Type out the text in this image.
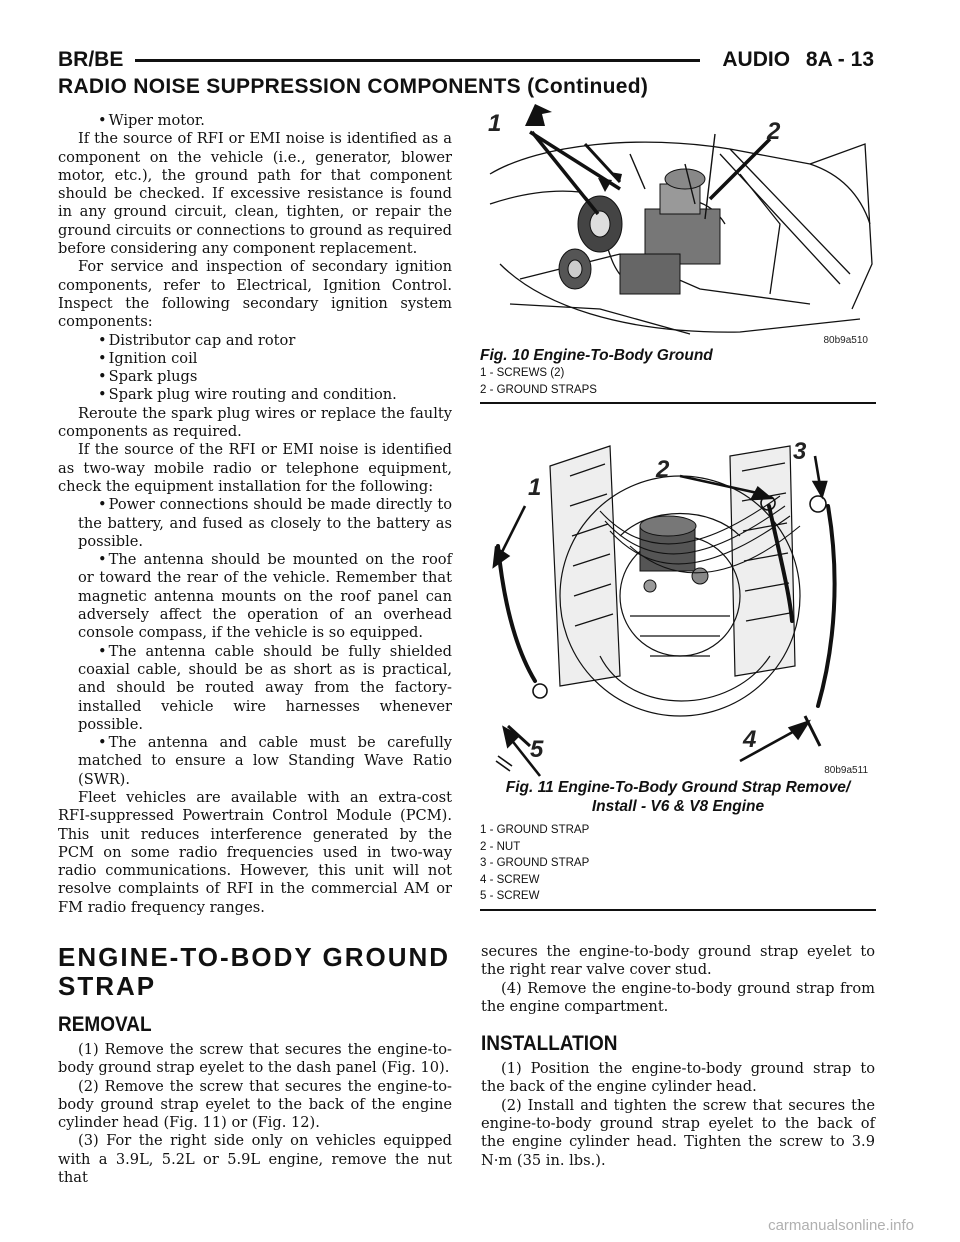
BR/BE	AUDIO 8A - 13
RADIO NOISE SUPPRESSION COMPONENTS (Continued)

• Wiper motor.

If the source of RFI or EMI noise is identified as a component on the vehicle (i.e., generator, blower motor, etc.), the ground path for that component should be checked. If excessive resistance is found in any ground circuit, clean, tighten, or repair the ground circuits or connections to ground as required before considering any component replacement.

For service and inspection of secondary ignition components, refer to Electrical, Ignition Control. Inspect the following secondary ignition system components:

• Distributor cap and rotor

• Ignition coil

• Spark plugs

• Spark plug wire routing and condition.

Reroute the spark plug wires or replace the faulty components as required.

If the source of the RFI or EMI noise is identified as two-way mobile radio or telephone equipment, check the equipment installation for the following:

• Power connections should be made directly to the battery, and fused as closely to the battery as possible.

• The antenna should be mounted on the roof or toward the rear of the vehicle. Remember that magnetic antenna mounts on the roof panel can adversely affect the operation of an overhead console compass, if the vehicle is so equipped.

• The antenna cable should be fully shielded coaxial cable, should be as short as is practical, and should be routed away from the factory-installed vehicle wire harnesses whenever possible.

• The antenna and cable must be carefully matched to ensure a low Standing Wave Ratio (SWR).

Fleet vehicles are available with an extra-cost RFI-suppressed Powertrain Control Module (PCM). This unit reduces interference generated by the PCM on some radio frequencies used in two-way radio communications. However, this unit will not resolve complaints of RFI in the commercial AM or FM radio frequency ranges.

1	2
80b9a510
Fig. 10 Engine-To-Body Ground
1 - SCREWS (2)
2 - GROUND STRAPS
1
2
3
4
5
80b9a511
Fig. 11 Engine-To-Body Ground Strap Remove/
Install - V6 & V8 Engine
1 - GROUND STRAP
2 - NUT
3 - GROUND STRAP
4 - SCREW
5 - SCREW
ENGINE-TO-BODY GROUND
STRAP
REMOVAL

(1) Remove the screw that secures the engine-to-body ground strap eyelet to the dash panel (Fig. 10).

(2) Remove the screw that secures the engine-to-body ground strap eyelet to the back of the engine cylinder head (Fig. 11) or (Fig. 12).

(3) For the right side only on vehicles equipped with a 3.9L, 5.2L or 5.9L engine, remove the nut that

secures the engine-to-body ground strap eyelet to the right rear valve cover stud.

(4) Remove the engine-to-body ground strap from the engine compartment.

INSTALLATION

(1) Position the engine-to-body ground strap to the back of the engine cylinder head.

(2) Install and tighten the screw that secures the engine-to-body ground strap eyelet to the back of the engine cylinder head. Tighten the screw to 3.9 N·m (35 in. lbs.).

carmanualsonline.info
